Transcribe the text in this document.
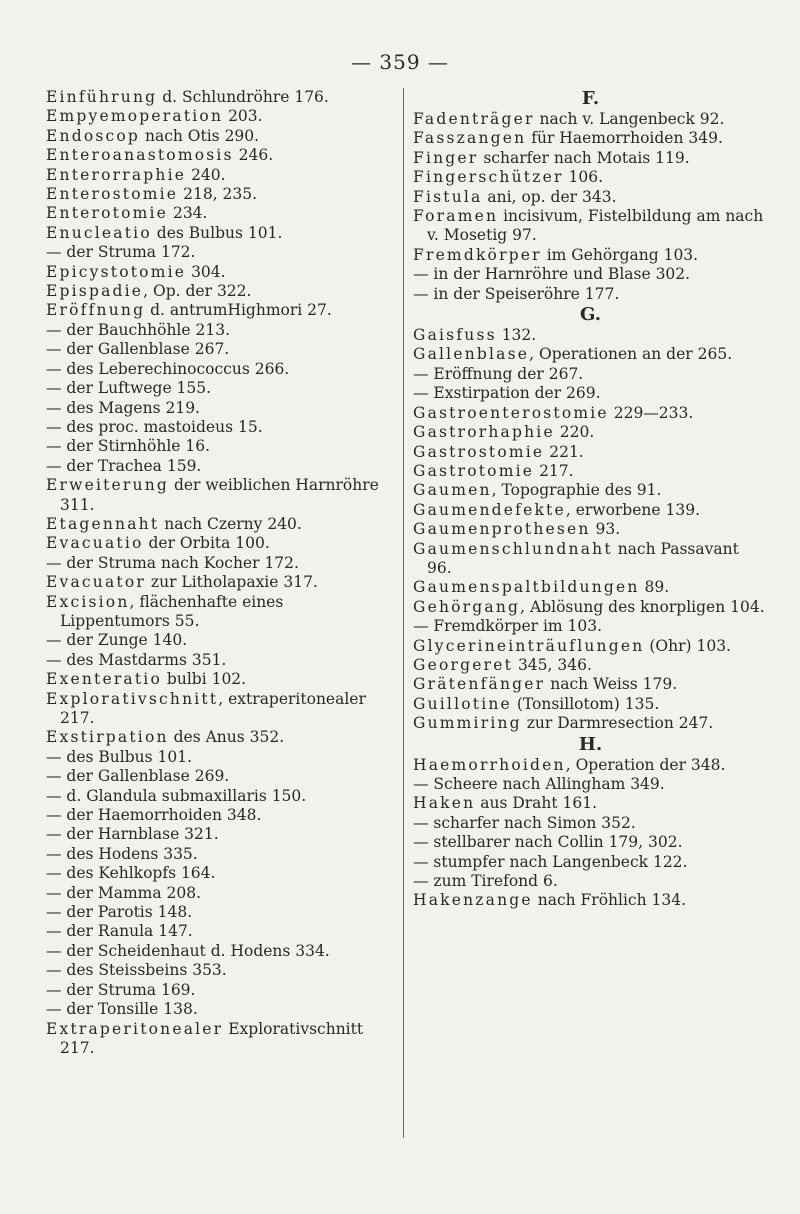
— 359 —
Einführung d. Schlundröhre 176.
Empyemoperation 203.
Endoscop nach Otis 290.
Enteroanastomosis 246.
Enterorraphie 240.
Enterostomie 218, 235.
Enterotomie 234.
Enucleatio des Bulbus 101.
— der Struma 172.
Epicystotomie 304.
Epispadie, Op. der 322.
Eröffnung d. antrumHighmori 27.
— der Bauchhöhle 213.
— der Gallenblase 267.
— des Leberechinococcus 266.
— der Luftwege 155.
— des Magens 219.
— des proc. mastoideus 15.
— der Stirnhöhle 16.
— der Trachea 159.
Erweiterung der weiblichen Harnröhre 311.
Etagennaht nach Czerny 240.
Evacuatio der Orbita 100.
— der Struma nach Kocher 172.
Evacuator zur Litholapaxie 317.
Excision, flächenhafte eines Lippentumors 55.
— der Zunge 140.
— des Mastdarms 351.
Exenteratio bulbi 102.
Explorativschnitt, extraperitonealer 217.
Exstirpation des Anus 352.
— des Bulbus 101.
— der Gallenblase 269.
— d. Glandula submaxillaris 150.
— der Haemorrhoiden 348.
— der Harnblase 321.
— des Hodens 335.
— des Kehlkopfs 164.
— der Mamma 208.
— der Parotis 148.
— der Ranula 147.
— der Scheidenhaut d. Hodens 334.
— des Steissbeins 353.
— der Struma 169.
— der Tonsille 138.
Extraperitonealer Explorativschnitt 217.
F.
Fadenträger nach v. Langenbeck 92.
Fasszangen für Haemorrhoiden 349.
Finger scharfer nach Motais 119.
Fingerschützer 106.
Fistula ani, op. der 343.
Foramen incisivum, Fistelbildung am nach v. Mosetig 97.
Fremdkörper im Gehörgang 103.
— in der Harnröhre und Blase 302.
— in der Speiseröhre 177.
G.
Gaisfuss 132.
Gallenblase, Operationen an der 265.
— Eröffnung der 267.
— Exstirpation der 269.
Gastroenterostomie 229—233.
Gastrorhaphie 220.
Gastrostomie 221.
Gastrotomie 217.
Gaumen, Topographie des 91.
Gaumendefekte, erworbene 139.
Gaumenprothesen 93.
Gaumenschlundnaht nach Passavant 96.
Gaumenspaltbildungen 89.
Gehörgang, Ablösung des knorpligen 104.
— Fremdkörper im 103.
Glycerineinträuflungen (Ohr) 103.
Georgeret 345, 346.
Grätenfänger nach Weiss 179.
Guillotine (Tonsillotom) 135.
Gummiring zur Darmresection 247.
H.
Haemorrhoiden, Operation der 348.
— Scheere nach Allingham 349.
Haken aus Draht 161.
— scharfer nach Simon 352.
— stellbarer nach Collin 179, 302.
— stumpfer nach Langenbeck 122.
— zum Tirefond 6.
Hakenzange nach Fröhlich 134.
